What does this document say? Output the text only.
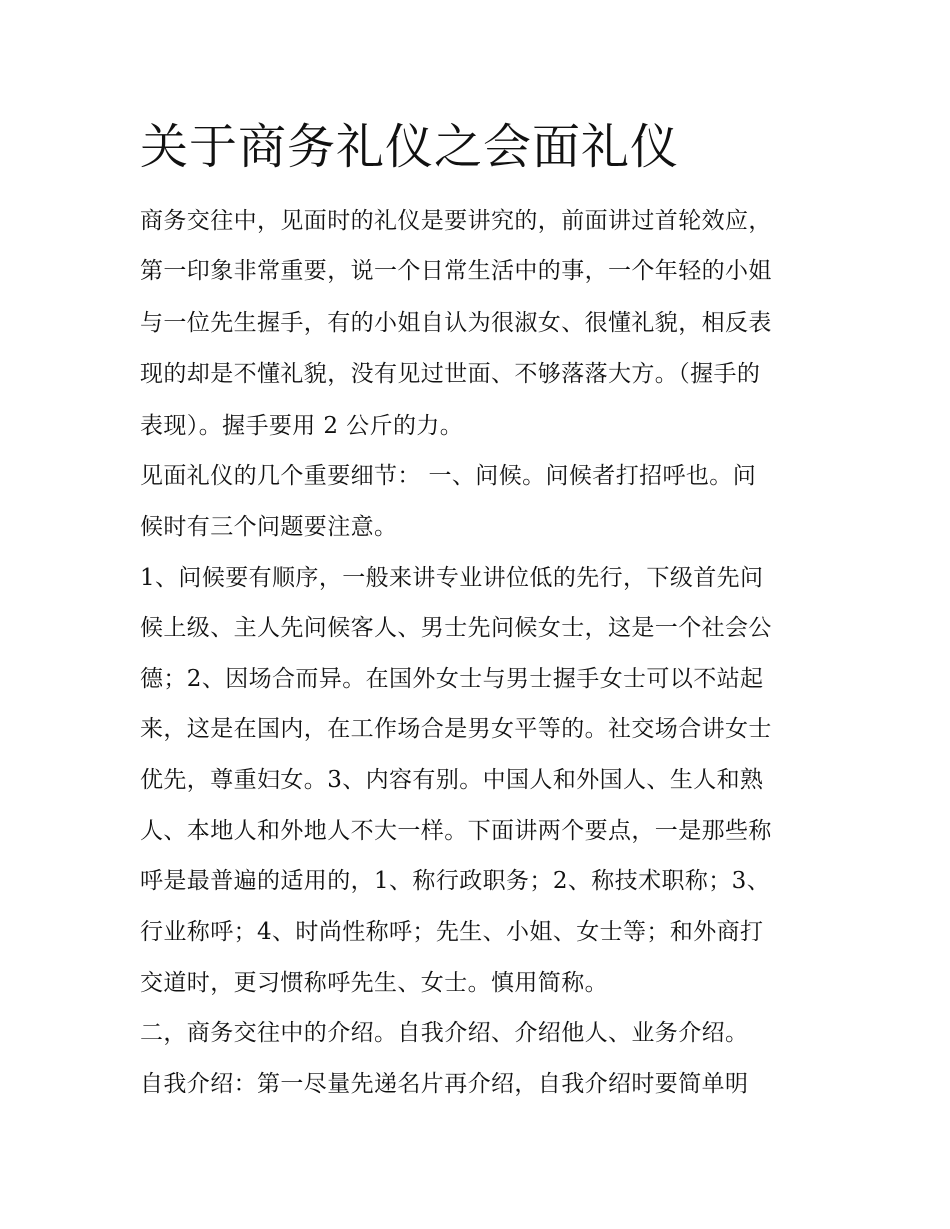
关于商务礼仪之会面礼仪
商务交往中，见面时的礼仪是要讲究的，前面讲过首轮效应，
第一印象非常重要，说一个日常生活中的事，一个年轻的小姐
与一位先生握手，有的小姐自认为很淑女、很懂礼貌，相反表
现的却是不懂礼貌，没有见过世面、不够落落大方。（握手的
表现）。握手要用 2 公斤的力。
见面礼仪的几个重要细节： 一、问候。问候者打招呼也。问
候时有三个问题要注意。
1、问候要有顺序，一般来讲专业讲位低的先行，下级首先问
候上级、主人先问候客人、男士先问候女士，这是一个社会公
德；2、因场合而异。在国外女士与男士握手女士可以不站起
来，这是在国内，在工作场合是男女平等的。社交场合讲女士
优先，尊重妇女。3、内容有别。中国人和外国人、生人和熟
人、本地人和外地人不大一样。下面讲两个要点，一是那些称
呼是最普遍的适用的，1、称行政职务；2、称技术职称；3、
行业称呼；4、时尚性称呼；先生、小姐、女士等；和外商打
交道时，更习惯称呼先生、女士。慎用简称。
二，商务交往中的介绍。自我介绍、介绍他人、业务介绍。
自我介绍：第一尽量先递名片再介绍，自我介绍时要简单明
